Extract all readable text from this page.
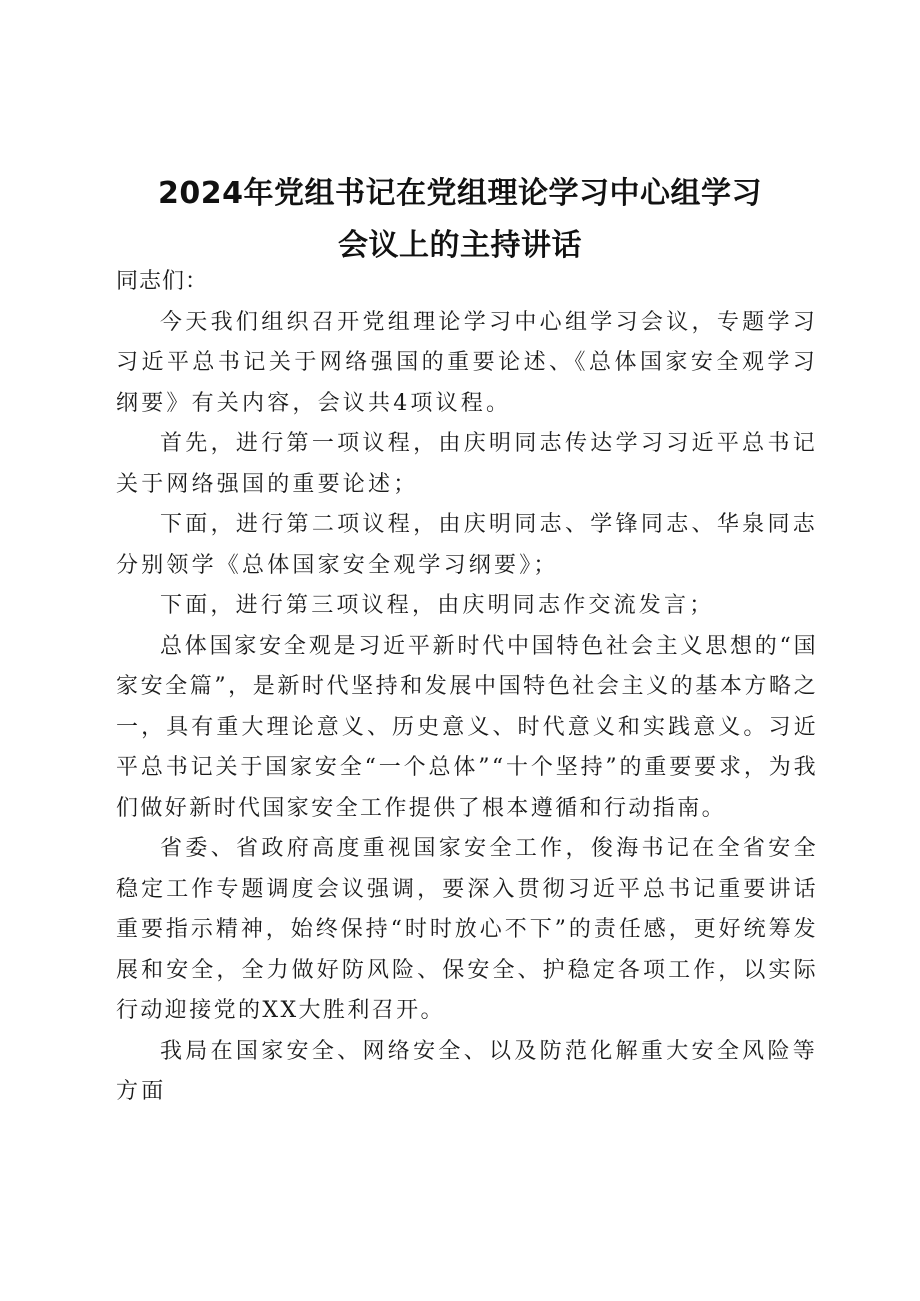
2024年党组书记在党组理论学习中心组学习
会议上的主持讲话

同志们：

今天我们组织召开党组理论学习中心组学习会议，专题学习习近平总书记关于网络强国的重要论述、《总体国家安全观学习纲要》有关内容，会议共4项议程。

首先，进行第一项议程，由庆明同志传达学习习近平总书记关于网络强国的重要论述；

下面，进行第二项议程，由庆明同志、学锋同志、华泉同志分别领学《总体国家安全观学习纲要》；

下面，进行第三项议程，由庆明同志作交流发言；

总体国家安全观是习近平新时代中国特色社会主义思想的“国家安全篇”，是新时代坚持和发展中国特色社会主义的基本方略之一，具有重大理论意义、历史意义、时代意义和实践意义。习近平总书记关于国家安全“一个总体”“十个坚持”的重要要求，为我们做好新时代国家安全工作提供了根本遵循和行动指南。

省委、省政府高度重视国家安全工作，俊海书记在全省安全稳定工作专题调度会议强调，要深入贯彻习近平总书记重要讲话重要指示精神，始终保持“时时放心不下”的责任感，更好统筹发展和安全，全力做好防风险、保安全、护稳定各项工作，以实际行动迎接党的XX大胜利召开。

我局在国家安全、网络安全、以及防范化解重大安全风险等方面
